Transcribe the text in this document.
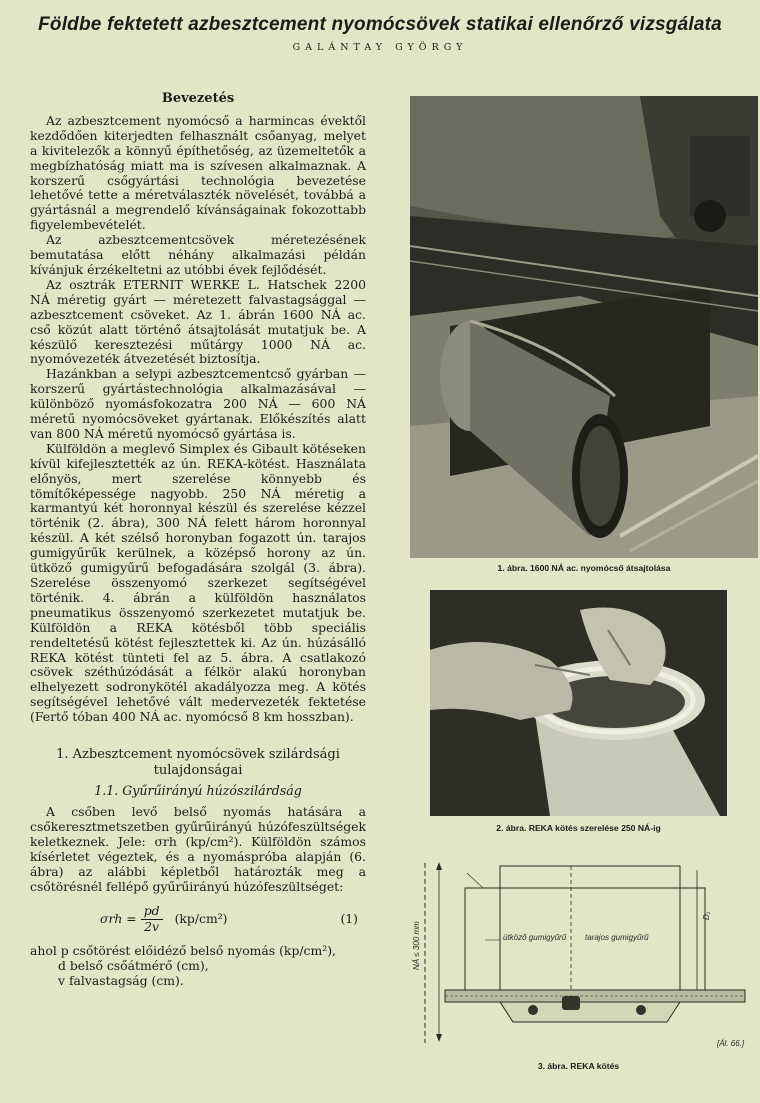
Földbe fektetett azbesztcement nyomócsövek statikai ellenőrző vizsgálata
GALÁNTAY GYÖRGY
Bevezetés

Az azbesztcement nyomócső a harmincas évektől kezdődően kiterjedten felhasznált csőanyag, melyet a kivitelezők a könnyű építhetőség, az üzemeltetők a megbízhatóság miatt ma is szívesen alkalmaznak. A korszerű csőgyártási technológia bevezetése lehetővé tette a méretválaszték növelését, továbbá a gyártásnál a megrendelő kívánságainak fokozottabb figyelembevételét.

Az azbesztcementcsövek méretezésének bemutatása előtt néhány alkalmazási példán kívánjuk érzékeltetni az utóbbi évek fejlődését.

Az osztrák ETERNIT WERKE L. Hatschek 2200 NÁ méretig gyárt — méretezett falvastagsággal — azbesztcement csöveket. Az 1. ábrán 1600 NÁ ac. cső közút alatt történő átsajtolását mutatjuk be. A készülő keresztezési műtárgy 1000 NÁ ac. nyomóvezeték átvezetését biztosítja.

Hazánkban a selypi azbesztcementcső gyárban — korszerű gyártástechnológia alkalmazásával — különböző nyomásfokozatra 200 NÁ — 600 NÁ méretű nyomócsöveket gyártanak. Előkészítés alatt van 800 NÁ méretű nyomócső gyártása is.

Külföldön a meglevő Simplex és Gibault kötéseken kívül kifejlesztették az ún. REKA-kötést. Használata előnyös, mert szerelése könnyebb és tömítőképessége nagyobb. 250 NÁ méretig a karmantyú két horonnyal készül és szerelése kézzel történik (2. ábra), 300 NÁ felett három horonnyal készül. A két szélső horonyban fogazott ún. tarajos gumigyűrűk kerülnek, a középső horony az ún. ütköző gumigyűrű befogadására szolgál (3. ábra). Szerelése összenyomó szerkezet segítségével történik. 4. ábrán a külföldön használatos pneumatikus összenyomó szerkezetet mutatjuk be. Külföldön a REKA kötésből több speciális rendeltetésű kötést fejlesztettek ki. Az ún. húzásálló REKA kötést tünteti fel az 5. ábra. A csatlakozó csövek széthúzódását a félkör alakú horonyban elhelyezett sodronykötél akadályozza meg. A kötés segítségével lehetővé vált medervezeték fektetése (Fertő tóban 400 NÁ ac. nyomócső 8 km hosszban).

1. Azbesztcement nyomócsövek szilárdsági
tulajdonságai
1.1. Gyűrűirányú húzószilárdság

A csőben levő belső nyomás hatására a csőkeresztmetszetben gyűrűirányú húzófeszültségek keletkeznek. Jele: σrh (kp/cm²). Külföldön számos kísérletet végeztek, és a nyomáspróba alapján (6. ábra) az alábbi képletből határozták meg a csőtörésnél fellépő gyűrűirányú húzófeszültséget:

$\sigma rh = \frac{pd}{2v} (kp/cm^2)$	(1)

ahol p csőtörést előidéző belső nyomás (kp/cm²),

d belső csőátmérő (cm),

v falvastagság (cm).

1. ábra. 1600 NÁ ac. nyomócső átsajtolása
2. ábra. REKA kötés szerelése 250 NÁ-ig
ütköző gumigyűrű tarajos gumigyűrű
NÁ ≤ 300 mm
D₁
[Ál. 66.]
3. ábra. REKA kötés
